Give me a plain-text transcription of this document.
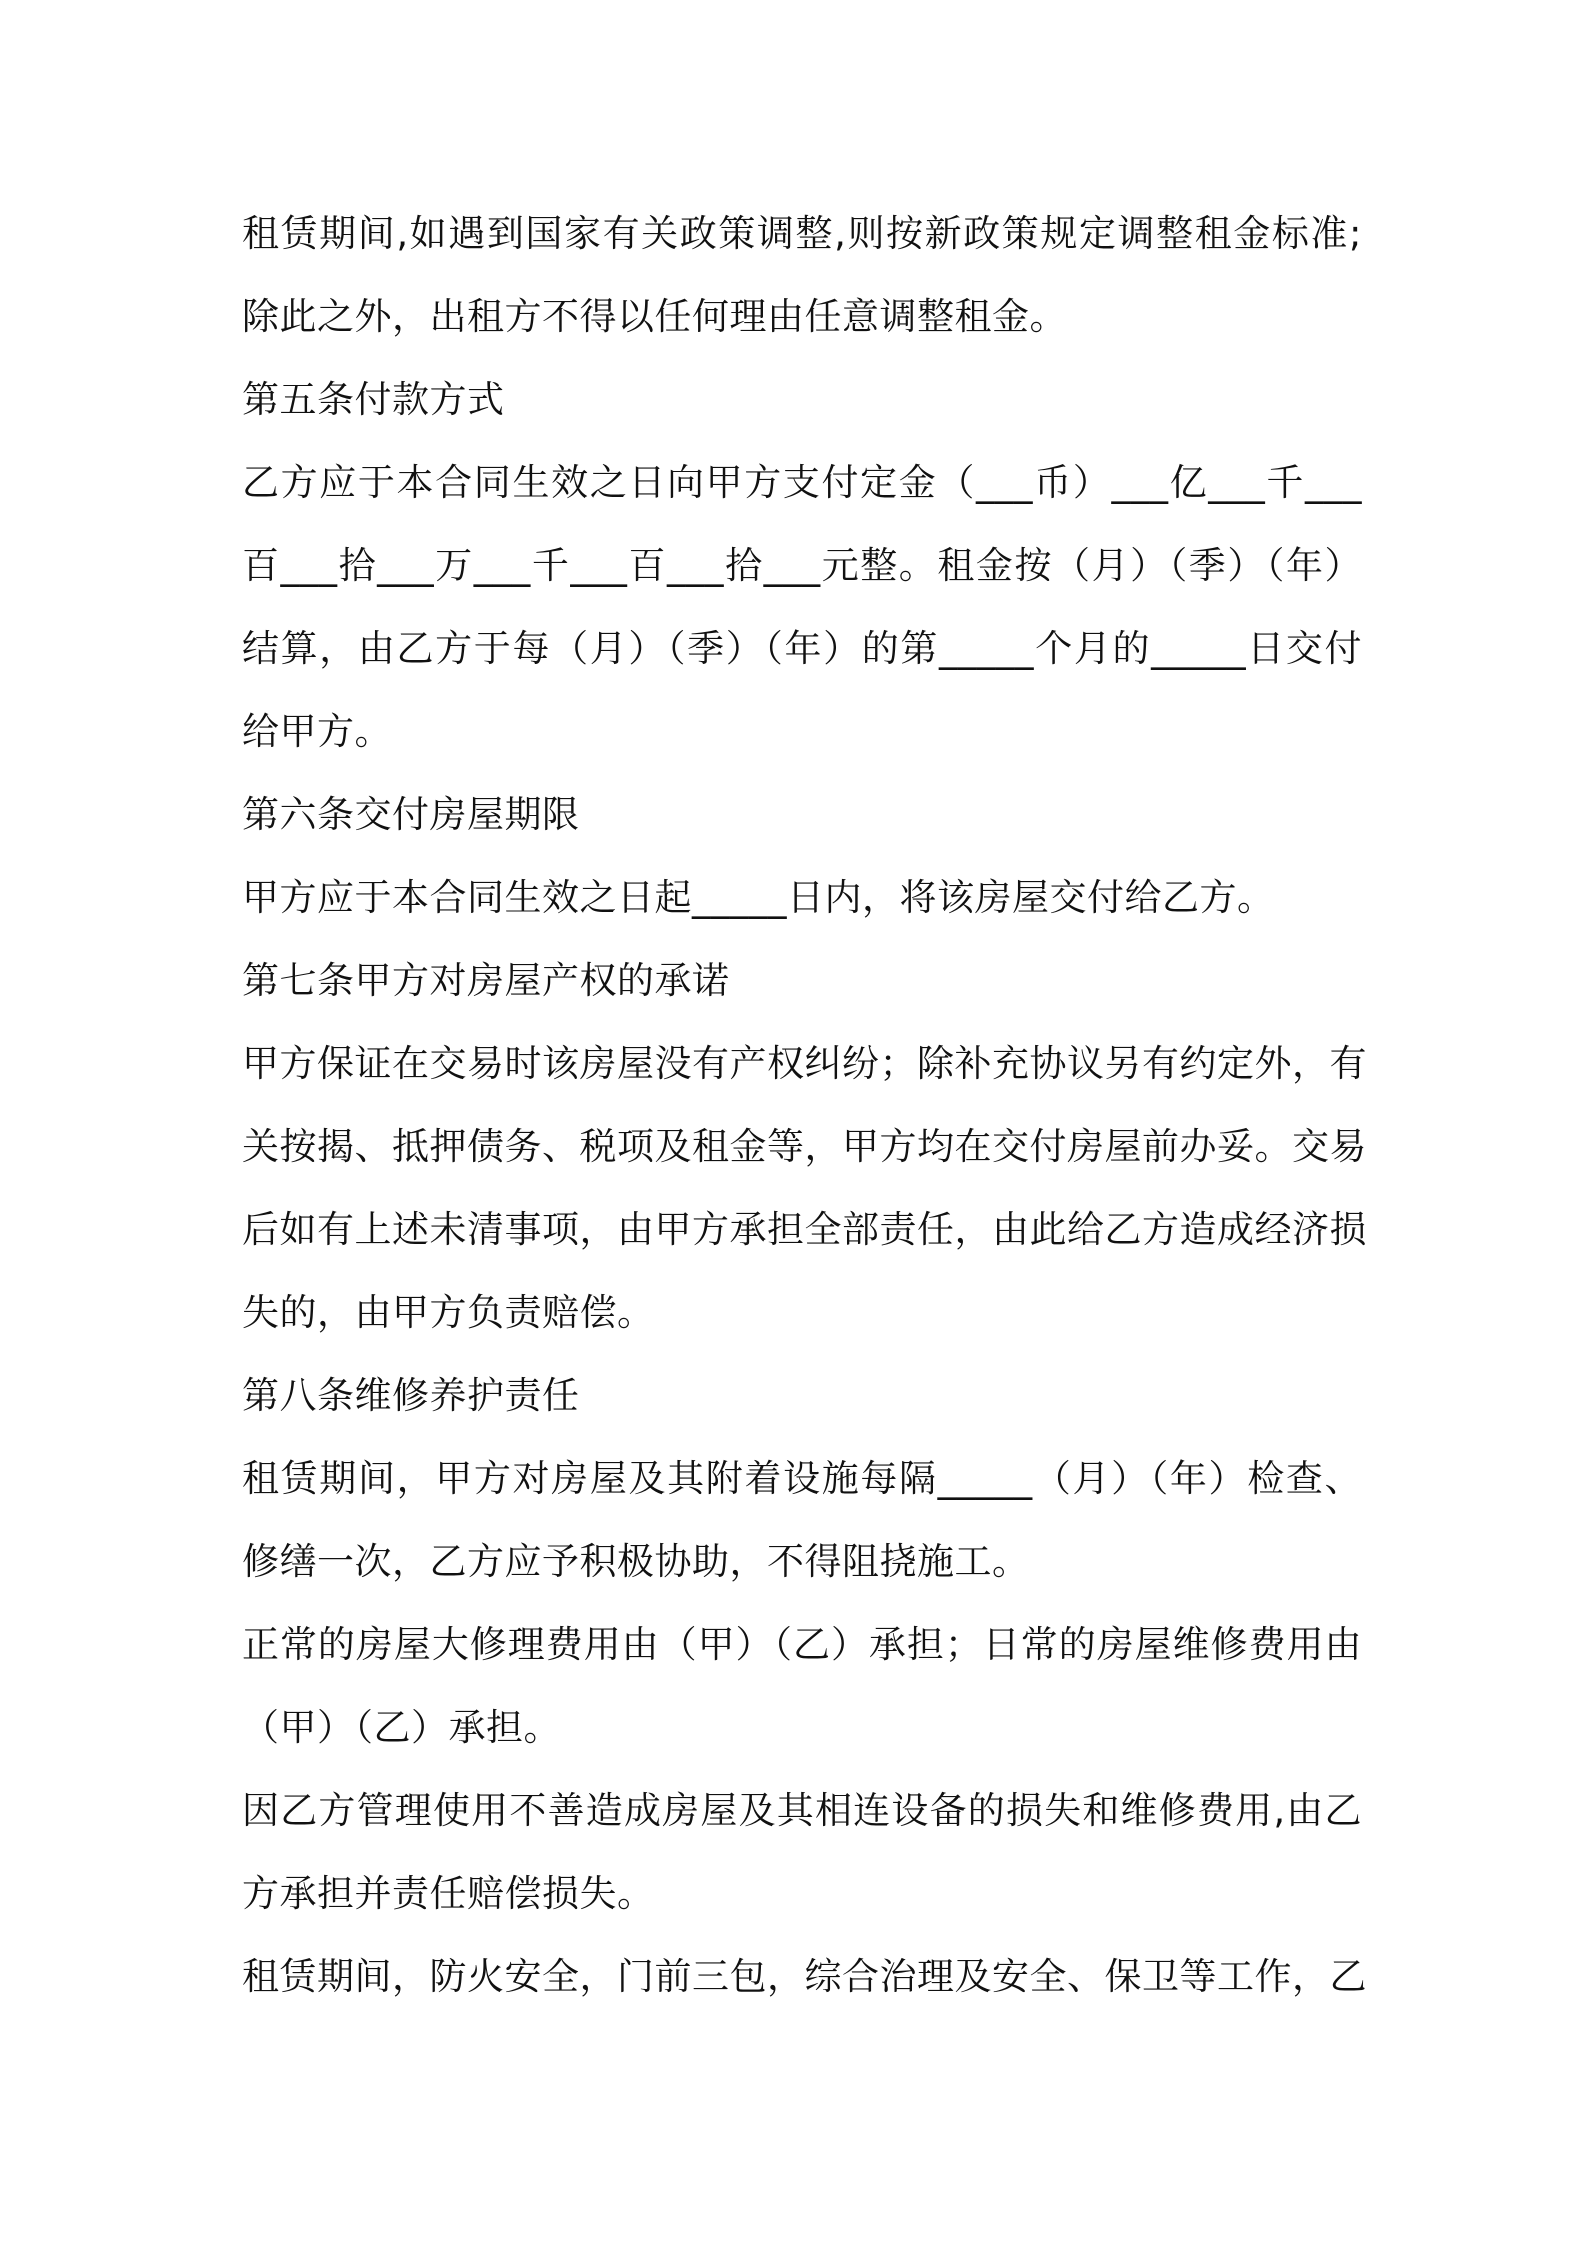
租赁期间,如遇到国家有关政策调整,则按新政策规定调整租金标准;

除此之外，出租方不得以任何理由任意调整租金。

第五条付款方式

乙方应于本合同生效之日向甲方支付定金（___币）___亿___千___

百___拾___万___千___百___拾___元整。租金按（月）（季）（年）

结算，由乙方于每（月）（季）（年）的第_____个月的_____日交付

给甲方。

第六条交付房屋期限

甲方应于本合同生效之日起_____日内，将该房屋交付给乙方。

第七条甲方对房屋产权的承诺

甲方保证在交易时该房屋没有产权纠纷；除补充协议另有约定外，有

关按揭、抵押债务、税项及租金等，甲方均在交付房屋前办妥。交易

后如有上述未清事项，由甲方承担全部责任，由此给乙方造成经济损

失的，由甲方负责赔偿。

第八条维修养护责任

租赁期间，甲方对房屋及其附着设施每隔_____（月）（年）检查、

修缮一次，乙方应予积极协助，不得阻挠施工。

正常的房屋大修理费用由（甲）（乙）承担；日常的房屋维修费用由

（甲）（乙）承担。

因乙方管理使用不善造成房屋及其相连设备的损失和维修费用,由乙

方承担并责任赔偿损失。

租赁期间，防火安全，门前三包，综合治理及安全、保卫等工作，乙
